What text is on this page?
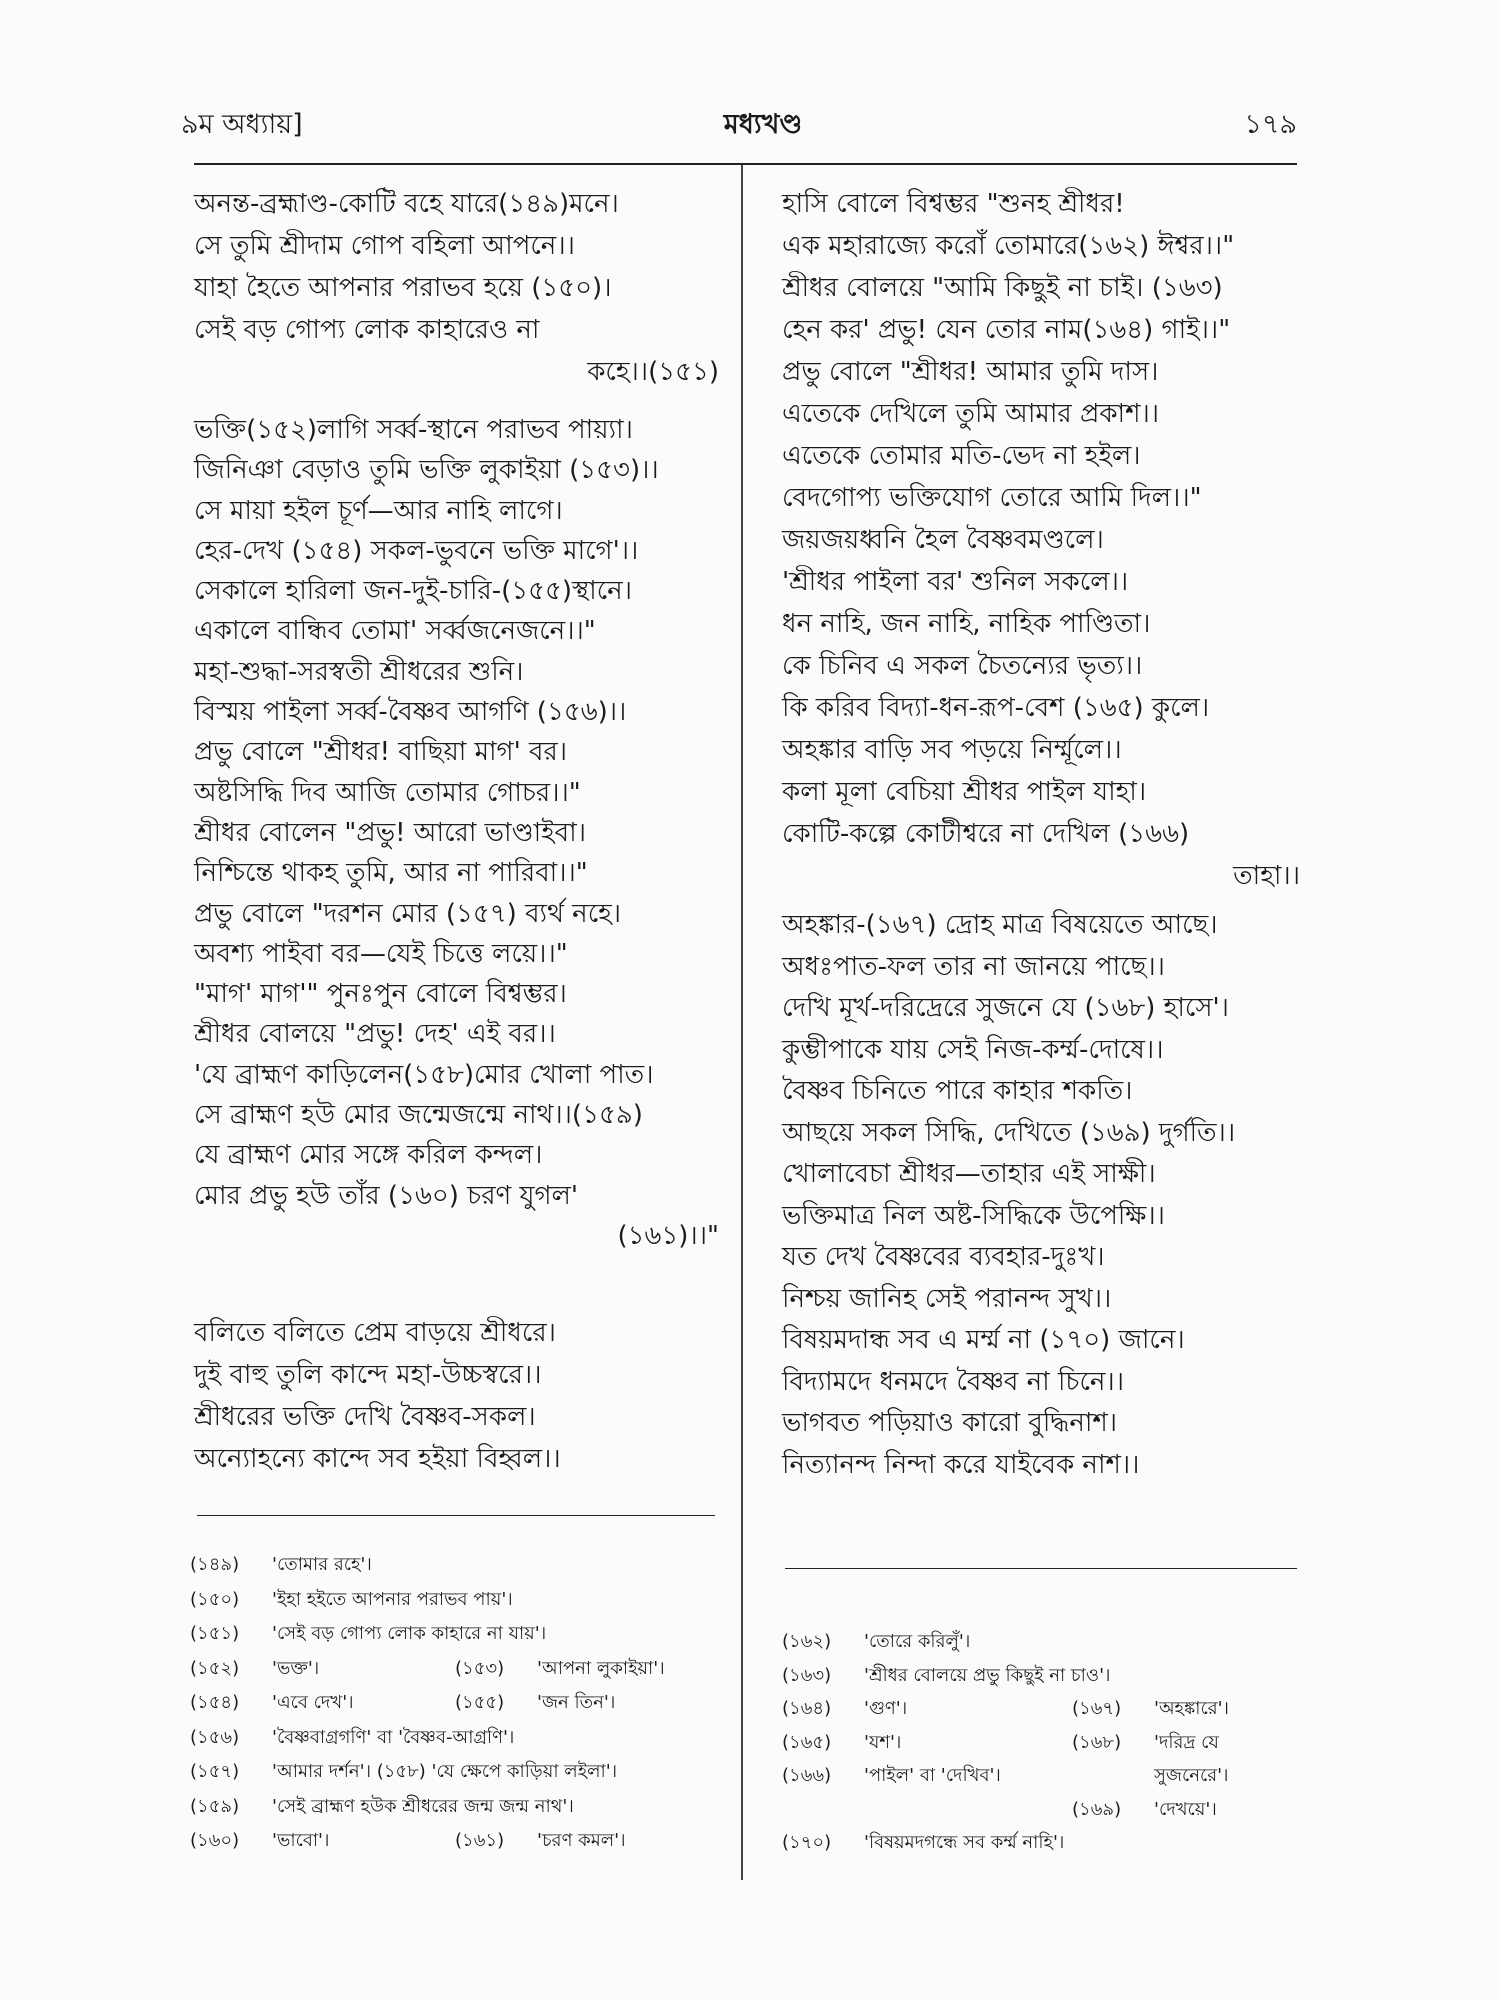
৯ম অধ্যায়]	মধ্যখণ্ড	১৭৯
অনন্ত-ব্রহ্মাণ্ড-কোটি বহে যারে(১৪৯)মনে।
সে তুমি শ্রীদাম গোপ বহিলা আপনে।।
যাহা হৈতে আপনার পরাভব হয়ে (১৫০)।
সেই বড় গোপ্য লোক কাহারেও না
কহে।।(১৫১)
ভক্তি(১৫২)লাগি সর্ব্ব-স্থানে পরাভব পায়্যা।
জিনিঞা বেড়াও তুমি ভক্তি লুকাইয়া (১৫৩)।।
সে মায়া হইল চূর্ণ—আর নাহি লাগে।
হের-দেখ (১৫৪) সকল-ভুবনে ভক্তি মাগে'।।
সেকালে হারিলা জন-দুই-চারি-(১৫৫)স্থানে।
একালে বান্ধিব তোমা' সর্ব্বজনেজনে।।"
মহা-শুদ্ধা-সরস্বতী শ্রীধরের শুনি।
বিস্ময় পাইলা সর্ব্ব-বৈষ্ণব আগণি (১৫৬)।।
প্রভু বোলে "শ্রীধর! বাছিয়া মাগ' বর।
অষ্টসিদ্ধি দিব আজি তোমার গোচর।।"
শ্রীধর বোলেন "প্রভু! আরো ভাণ্ডাইবা।
নিশ্চিন্তে থাকহ তুমি, আর না পারিবা।।"
প্রভু বোলে "দরশন মোর (১৫৭) ব্যর্থ নহে।
অবশ্য পাইবা বর—যেই চিত্তে লয়ে।।"
"মাগ' মাগ'" পুনঃপুন বোলে বিশ্বম্ভর।
শ্রীধর বোলয়ে "প্রভু! দেহ' এই বর।।
'যে ব্রাহ্মণ কাড়িলেন(১৫৮)মোর খোলা পাত।
সে ব্রাহ্মণ হউ মোর জন্মেজন্মে নাথ।।(১৫৯)
যে ব্রাহ্মণ মোর সঙ্গে করিল কন্দল।
মোর প্রভু হউ তাঁর (১৬০) চরণ যুগল'
(১৬১)।।"
বলিতে বলিতে প্রেম বাড়য়ে শ্রীধরে।
দুই বাহু তুলি কান্দে মহা-উচ্চস্বরে।।
শ্রীধরের ভক্তি দেখি বৈষ্ণব-সকল।
অন্যোহন্যে কান্দে সব হইয়া বিহ্বল।।
হাসি বোলে বিশ্বম্ভর "শুনহ শ্রীধর!
এক মহারাজ্যে করোঁ তোমারে(১৬২) ঈশ্বর।।"
শ্রীধর বোলয়ে "আমি কিছুই না চাই। (১৬৩)
হেন কর' প্রভু! যেন তোর নাম(১৬৪) গাই।।"
প্রভু বোলে "শ্রীধর! আমার তুমি দাস।
এতেকে দেখিলে তুমি আমার প্রকাশ।।
এতেকে তোমার মতি-ভেদ না হইল।
বেদগোপ্য ভক্তিযোগ তোরে আমি দিল।।"
জয়জয়ধ্বনি হৈল বৈষ্ণবমণ্ডলে।
'শ্রীধর পাইলা বর' শুনিল সকলে।।
ধন নাহি, জন নাহি, নাহিক পাণ্ডিতা।
কে চিনিব এ সকল চৈতন্যের ভৃত্য।।
কি করিব বিদ্যা-ধন-রূপ-বেশ (১৬৫) কুলে।
অহঙ্কার বাড়ি সব পড়য়ে নির্ম্মূলে।।
কলা মূলা বেচিয়া শ্রীধর পাইল যাহা।
কোটি-কল্পে কোটীশ্বরে না দেখিল (১৬৬)
তাহা।।
অহঙ্কার-(১৬৭) দ্রোহ মাত্র বিষয়েতে আছে।
অধঃপাত-ফল তার না জানয়ে পাছে।।
দেখি মূর্খ-দরিদ্রেরে সুজনে যে (১৬৮) হাসে'।
কুম্ভীপাকে যায় সেই নিজ-কর্ম্ম-দোষে।।
বৈষ্ণব চিনিতে পারে কাহার শকতি।
আছয়ে সকল সিদ্ধি, দেখিতে (১৬৯) দুর্গতি।।
খোলাবেচা শ্রীধর—তাহার এই সাক্ষী।
ভক্তিমাত্র নিল অষ্ট-সিদ্ধিকে উপেক্ষি।।
যত দেখ বৈষ্ণবের ব্যবহার-দুঃখ।
নিশ্চয় জানিহ সেই পরানন্দ সুখ।।
বিষয়মদান্ধ সব এ মর্ম্ম না (১৭০) জানে।
বিদ্যামদে ধনমদে বৈষ্ণব না চিনে।।
ভাগবত পড়িয়াও কারো বুদ্ধিনাশ।
নিত্যানন্দ নিন্দা করে যাইবেক নাশ।।
(১৪৯) 'তোমার রহে'।
(১৫০) 'ইহা হইতে আপনার পরাভব পায়'।
(১৫১) 'সেই বড় গোপ্য লোক কাহারে না যায়'।
(১৫২) 'ভক্ত'।	(১৫৩) 'আপনা লুকাইয়া'।
(১৫৪) 'এবে দেখ'।	(১৫৫) 'জন তিন'।
(১৫৬) 'বৈষ্ণবাগ্রগণি' বা 'বৈষ্ণব-আগ্রণি'।
(১৫৭) 'আমার দর্শন'। (১৫৮) 'যে ক্ষেপে কাড়িয়া লইলা'।
(১৫৯) 'সেই ব্রাহ্মণ হউক শ্রীধরের জন্ম জন্ম নাথ'।
(১৬০) 'ভাবো'।	(১৬১) 'চরণ কমল'।
(১৬২) 'তোরে করিলুঁ'।
(১৬৩) 'শ্রীধর বোলয়ে প্রভু কিছুই না চাও'।
(১৬৪) 'গুণ'।	(১৬৭) 'অহঙ্কারে'।
(১৬৫) 'যশ'।	(১৬৮) 'দরিদ্র যে
(১৬৬) 'পাইল' বা 'দেখিব'।	সুজনেরে'।
(১৬৯) 'দেখয়ে'।
(১৭০) 'বিষয়মদগন্ধে সব কর্ম্ম নাহি'।
